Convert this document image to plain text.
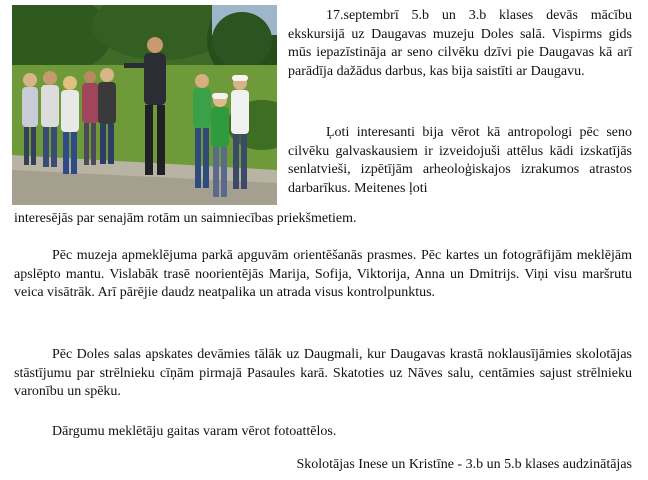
17.septembrī 5.b un 3.b klases devās mācību ekskursijā uz Daugavas muzeju Doles salā. Vispirms gids mūs iepazīstināja ar seno cilvēku dzīvi pie Daugavas kā arī parādīja dažādus darbus, kas bija saistīti ar Daugavu.

Ļoti interesanti bija vērot kā antropologi pēc seno cilvēku galvaskausiem ir izveidojuši attēlus kādi izskatījās senlatvieši, izpētījām arheoloģiskajos izrakumos atrastos darbarīkus. Meitenes ļoti

interesējās par senajām rotām un saimniecības priekšmetiem.

Pēc muzeja apmeklējuma parkā apguvām orientēšanās prasmes. Pēc kartes un fotogrāfijām meklējām apslēpto mantu. Vislabāk trasē noorientējās Marija, Sofija, Viktorija, Anna un Dmitrijs. Viņi visu maršrutu veica visātrāk. Arī pārējie daudz neatpalika un atrada visus kontrolpunktus.

Pēc Doles salas apskates devāmies tālāk uz Daugmali, kur Daugavas krastā noklausījāmies skolotājas stāstījumu par strēlnieku cīņām pirmajā Pasaules karā. Skatoties uz Nāves salu, centāmies sajust strēlnieku varonību un spēku.

Dārgumu meklētāju gaitas varam vērot fotoattēlos.

Skolotājas Inese un Kristīne - 3.b un 5.b klases audzinātājas
